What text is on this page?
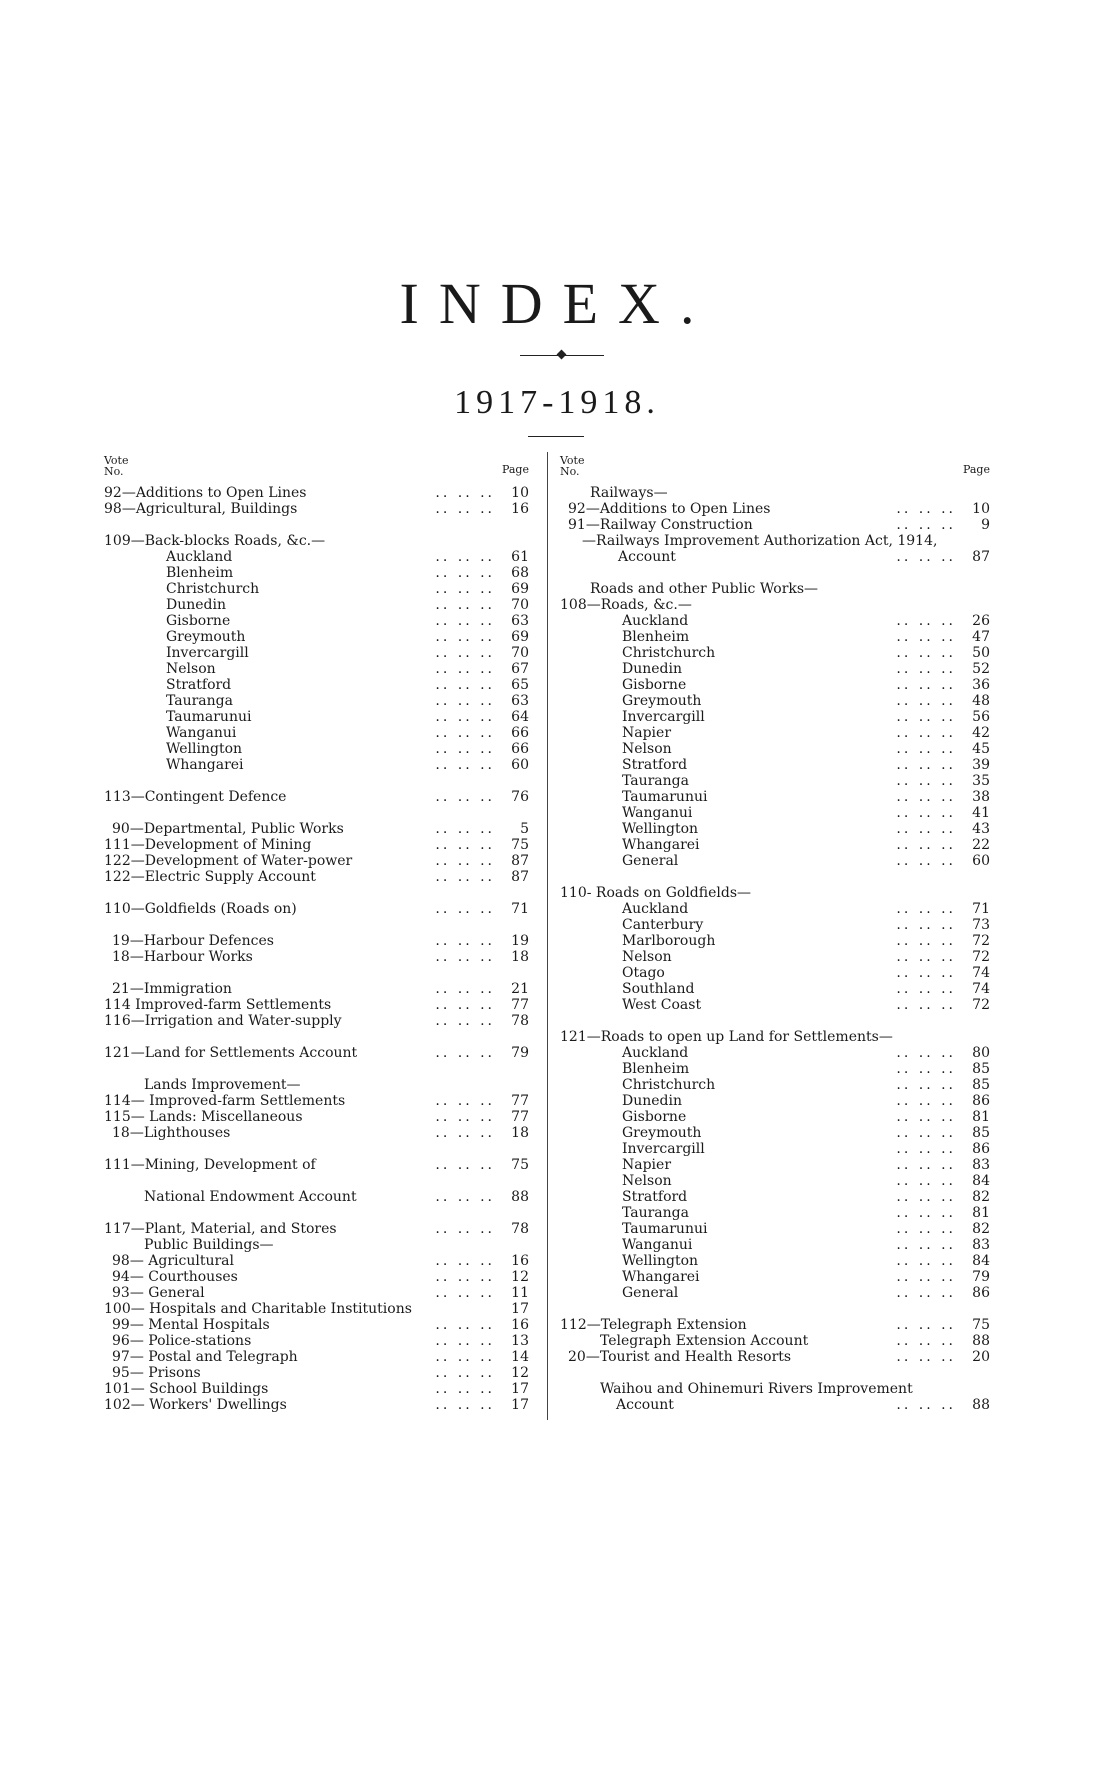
INDEX.
1917-1918.
Vote
No.	Page
92—Additions to Open Lines	.. .. ..	10
98—Agricultural, Buildings	.. .. ..	16
109—Back-blocks Roads, &c.—
Auckland	.. .. ..	61
Blenheim	.. .. ..	68
Christchurch	.. .. ..	69
Dunedin	.. .. ..	70
Gisborne	.. .. ..	63
Greymouth	.. .. ..	69
Invercargill	.. .. ..	70
Nelson	.. .. ..	67
Stratford	.. .. ..	65
Tauranga	.. .. ..	63
Taumarunui	.. .. ..	64
Wanganui	.. .. ..	66
Wellington	.. .. ..	66
Whangarei	.. .. ..	60
113—Contingent Defence	.. .. ..	76
90—Departmental, Public Works	.. .. ..	5
111—Development of Mining	.. .. ..	75
122—Development of Water-power	.. .. ..	87
122—Electric Supply Account	.. .. ..	87
110—Goldfields (Roads on)	.. .. ..	71
19—Harbour Defences	.. .. ..	19
18—Harbour Works	.. .. ..	18
21—Immigration	.. .. ..	21
114 Improved-farm Settlements	.. .. ..	77
116—Irrigation and Water-supply	.. .. ..	78
121—Land for Settlements Account	.. .. ..	79
Lands Improvement—
114— Improved-farm Settlements	.. .. ..	77
115— Lands: Miscellaneous	.. .. ..	77
18—Lighthouses	.. .. ..	18
111—Mining, Development of	.. .. ..	75
National Endowment Account	.. .. ..	88
117—Plant, Material, and Stores	.. .. ..	78
Public Buildings—
98— Agricultural	.. .. ..	16
94— Courthouses	.. .. ..	12
93— General	.. .. ..	11
100— Hospitals and Charitable Institutions	17
99— Mental Hospitals	.. .. ..	16
96— Police-stations	.. .. ..	13
97— Postal and Telegraph	.. .. ..	14
95— Prisons	.. .. ..	12
101— School Buildings	.. .. ..	17
102— Workers' Dwellings	.. .. ..	17
Vote
No.	Page
Railways—
92—Additions to Open Lines	.. .. ..	10
91—Railway Construction	.. .. ..	9
—Railways Improvement Authorization Act, 1914,
Account	.. .. ..	87
Roads and other Public Works—
108—Roads, &c.—
Auckland	.. .. ..	26
Blenheim	.. .. ..	47
Christchurch	.. .. ..	50
Dunedin	.. .. ..	52
Gisborne	.. .. ..	36
Greymouth	.. .. ..	48
Invercargill	.. .. ..	56
Napier	.. .. ..	42
Nelson	.. .. ..	45
Stratford	.. .. ..	39
Tauranga	.. .. ..	35
Taumarunui	.. .. ..	38
Wanganui	.. .. ..	41
Wellington	.. .. ..	43
Whangarei	.. .. ..	22
General	.. .. ..	60
110- Roads on Goldfields—
Auckland	.. .. ..	71
Canterbury	.. .. ..	73
Marlborough	.. .. ..	72
Nelson	.. .. ..	72
Otago	.. .. ..	74
Southland	.. .. ..	74
West Coast	.. .. ..	72
121—Roads to open up Land for Settlements—
Auckland	.. .. ..	80
Blenheim	.. .. ..	85
Christchurch	.. .. ..	85
Dunedin	.. .. ..	86
Gisborne	.. .. ..	81
Greymouth	.. .. ..	85
Invercargill	.. .. ..	86
Napier	.. .. ..	83
Nelson	.. .. ..	84
Stratford	.. .. ..	82
Tauranga	.. .. ..	81
Taumarunui	.. .. ..	82
Wanganui	.. .. ..	83
Wellington	.. .. ..	84
Whangarei	.. .. ..	79
General	.. .. ..	86
112—Telegraph Extension	.. .. ..	75
Telegraph Extension Account	.. .. ..	88
20—Tourist and Health Resorts	.. .. ..	20
Waihou and Ohinemuri Rivers Improvement
Account	.. .. ..	88
